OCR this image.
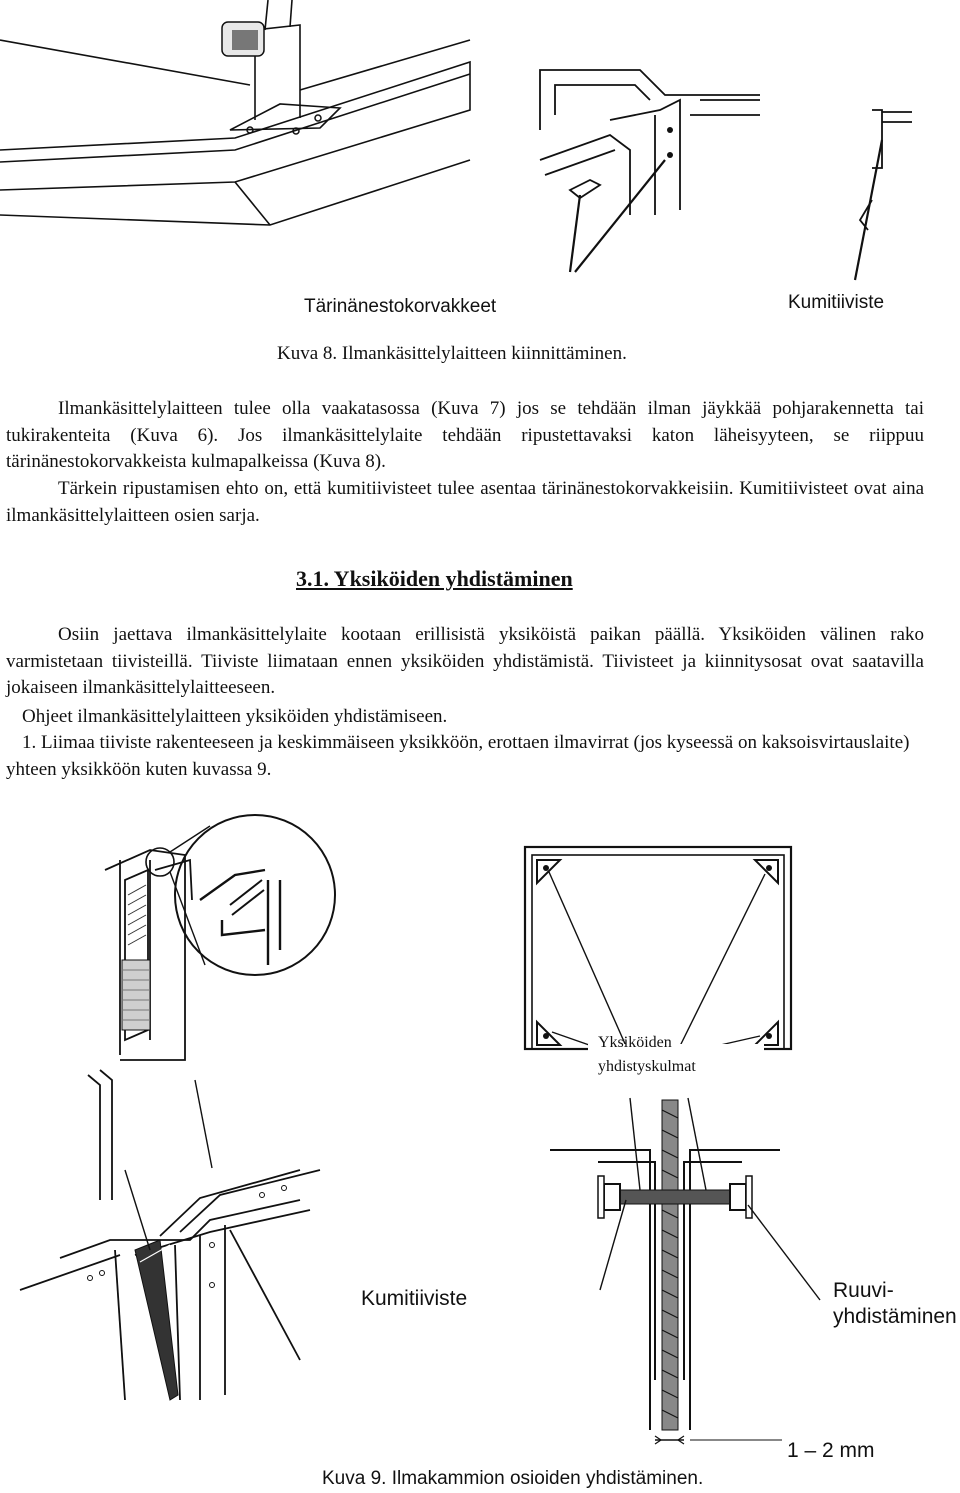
Tärinänestokorvakkeet	Kumitiiviste
Kuva 8. Ilmankäsittelylaitteen kiinnittäminen.
Ilmankäsittelylaitteen tulee olla vaakatasossa (Kuva 7) jos se tehdään ilman jäykkää pohjarakennetta tai tukirakenteita (Kuva 6). Jos ilmankäsittelylaite tehdään ripustettavaksi katon läheisyyteen, se riippuu tärinänestokorvakkeista kulmapalkeissa (Kuva 8).
Tärkein ripustamisen ehto on, että kumitiivisteet tulee asentaa tärinänestokorvakkeisiin. Kumitiivisteet ovat aina ilmankäsittelylaitteen osien sarja.
3.1. Yksiköiden yhdistäminen
Osiin jaettava ilmankäsittelylaite kootaan erillisistä yksiköistä paikan päällä. Yksiköiden välinen rako varmistetaan tiivisteillä. Tiiviste liimataan ennen yksiköiden yhdistämistä. Tiivisteet ja kiinnitysosat ovat saatavilla jokaiseen ilmankäsittelylaitteeseen.
Ohjeet ilmankäsittelylaitteen yksiköiden yhdistämiseen.
1. Liimaa tiiviste rakenteeseen ja keskimmäiseen yksikköön, erottaen ilmavirrat (jos kyseessä on kaksoisvirtauslaite) yhteen yksikköön kuten kuvassa 9.
Yksiköiden
yhdistyskulmat
Kumitiiviste	Ruuvi-
yhdistäminen
1 – 2 mm
Kuva 9. Ilmakammion osioiden yhdistäminen.
